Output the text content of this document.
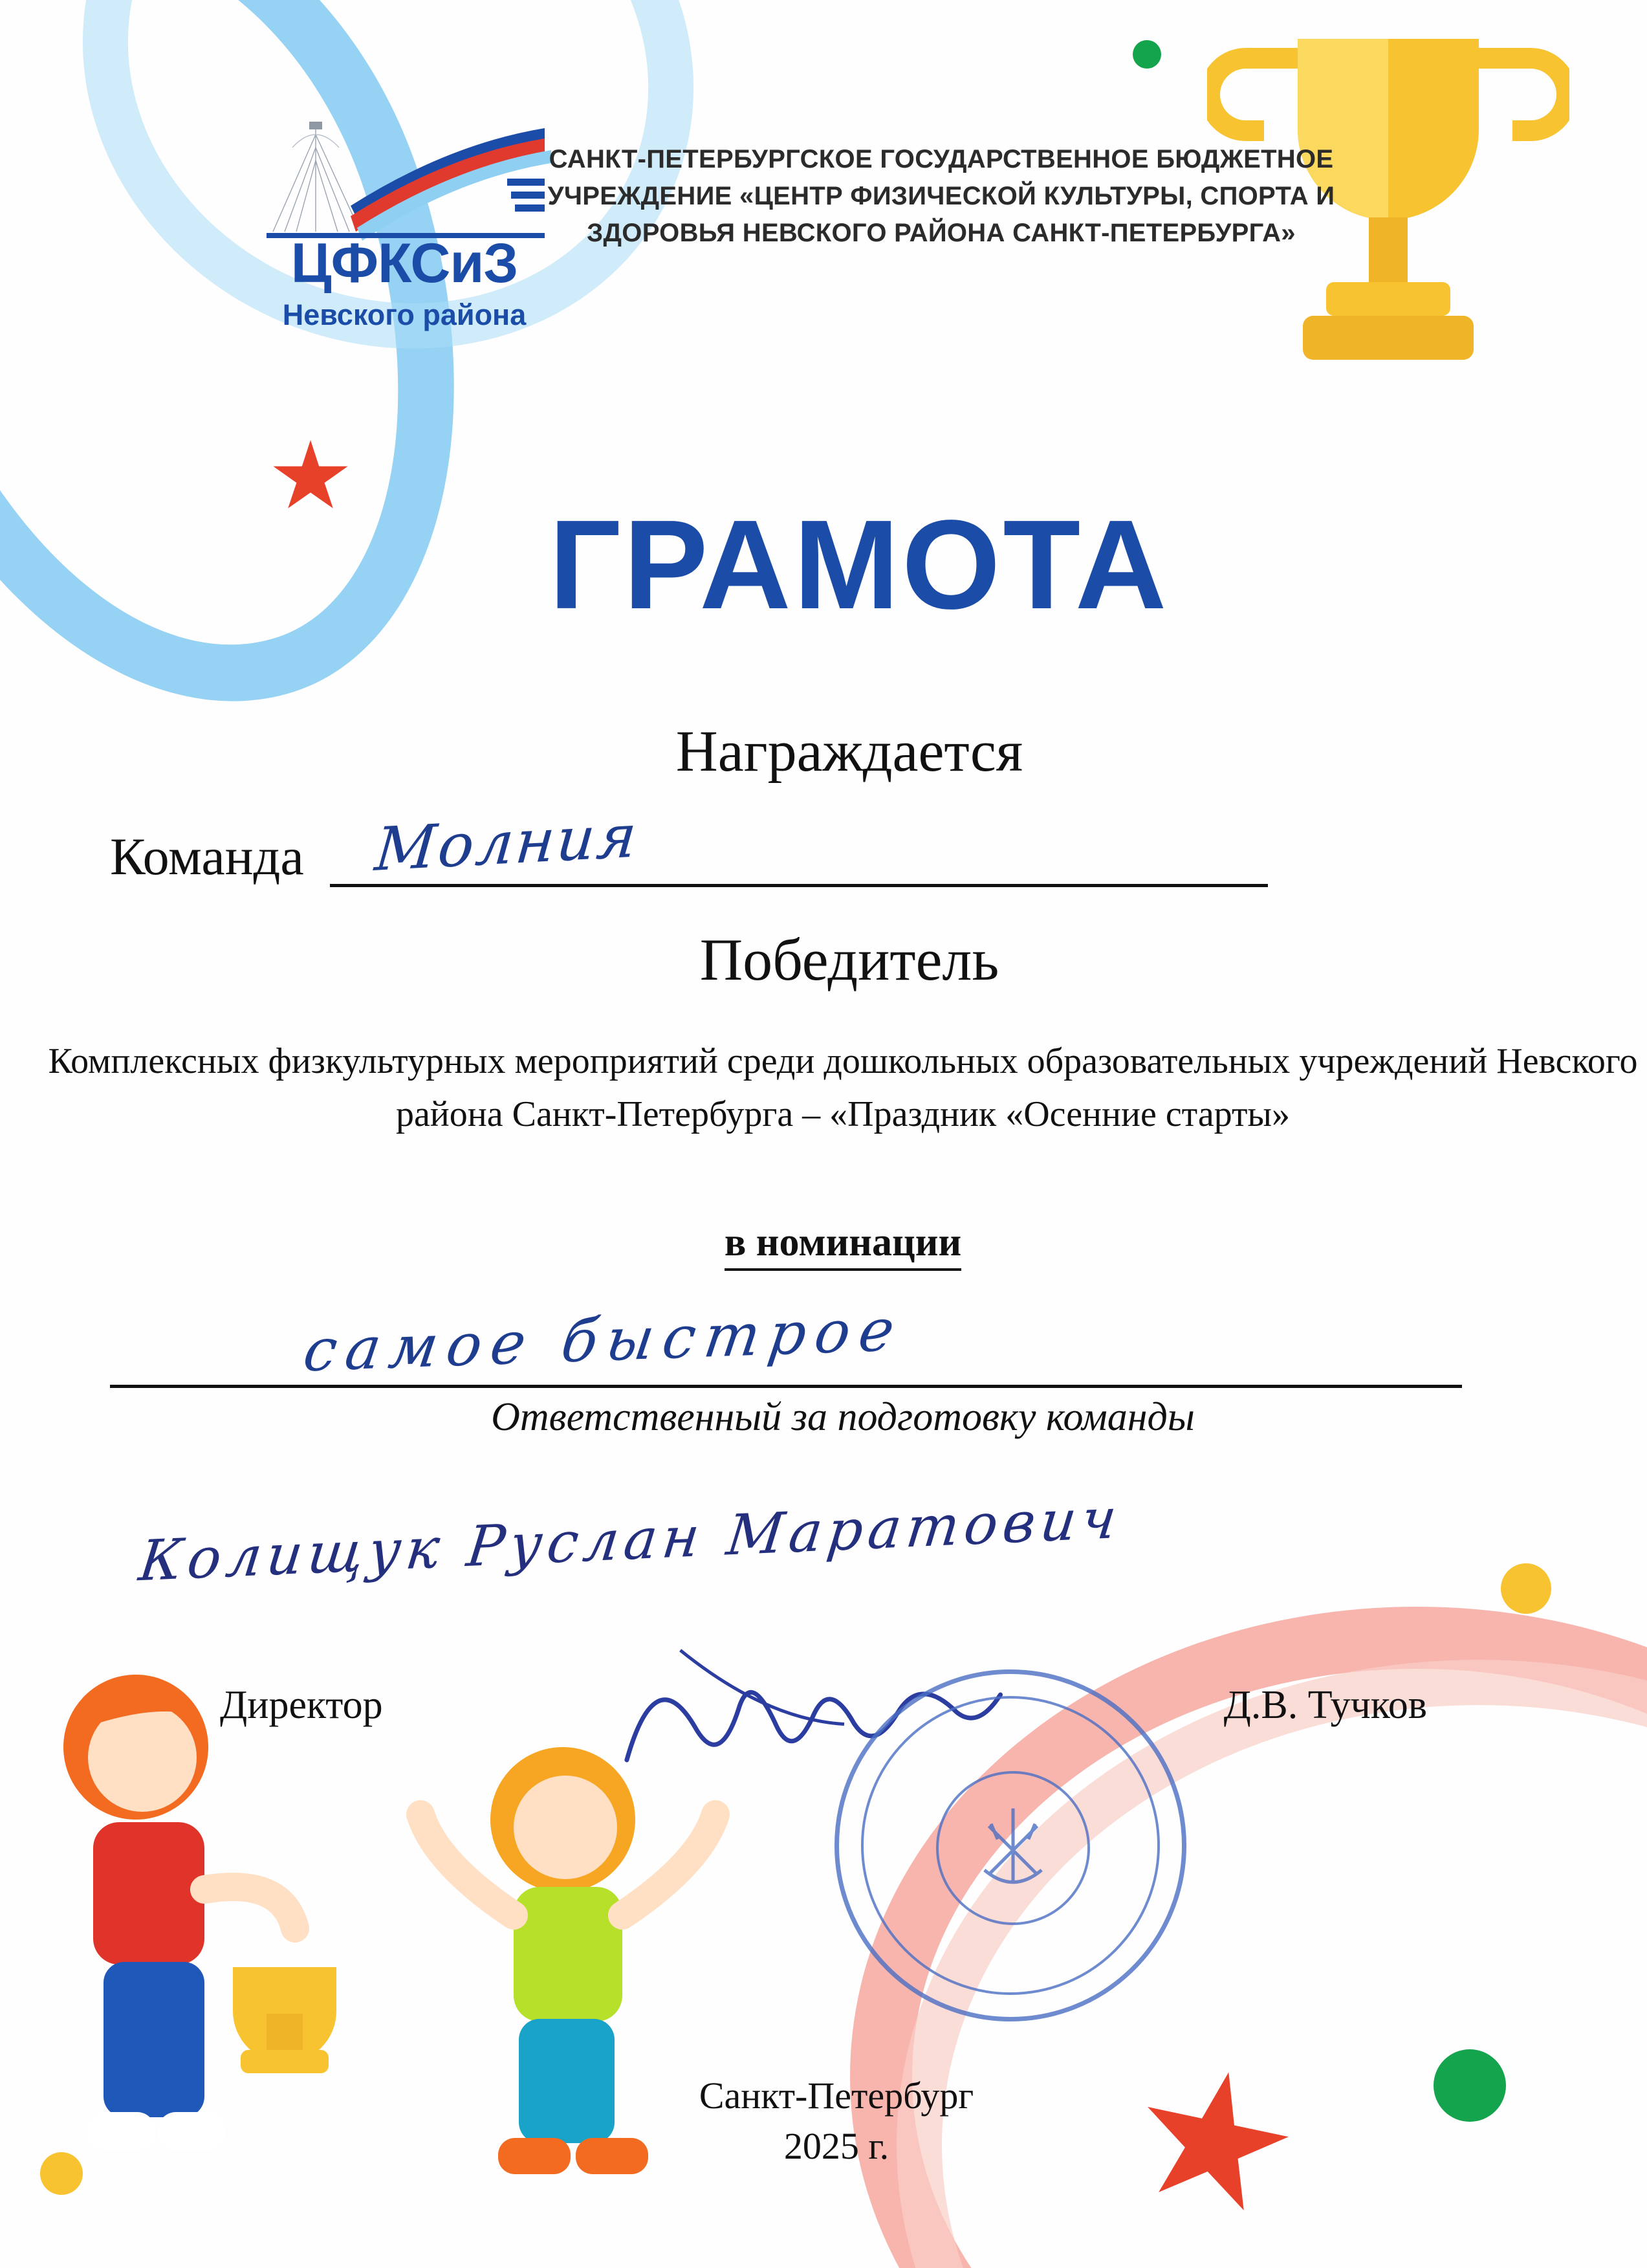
ЦФКСиЗ
Невского района
САНКТ-ПЕТЕРБУРГСКОЕ ГОСУДАРСТВЕННОЕ БЮДЖЕТНОЕ УЧРЕЖДЕНИЕ «ЦЕНТР ФИЗИЧЕСКОЙ КУЛЬТУРЫ, СПОРТА И ЗДОРОВЬЯ НЕВСКОГО РАЙОНА САНКТ-ПЕТЕРБУРГА»
ГРАМОТА
Награждается
Команда Молния
Победитель
Комплексных физкультурных мероприятий среди дошкольных образовательных учреждений Невского района Санкт-Петербурга – «Праздник «Осенние старты»
в номинации
самое быстрое
Ответственный за подготовку команды
Колищук Руслан Маратович
Директор	Д.В. Тучков
Санкт-Петербург
2025 г.
